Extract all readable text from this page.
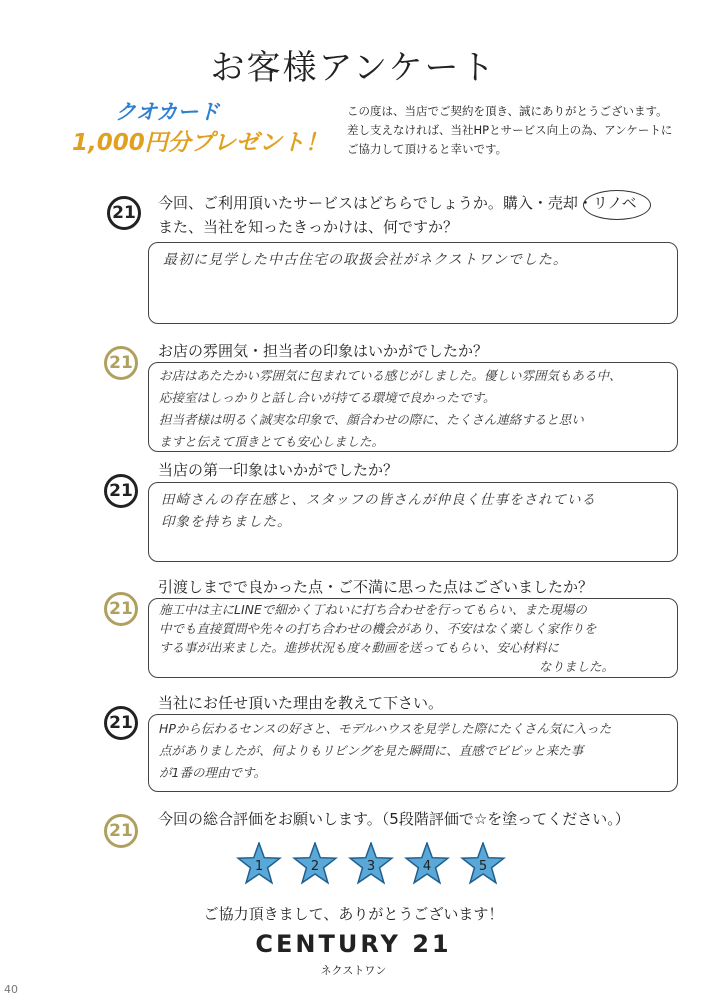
お客様アンケート
クオカード
1,000円分プレゼント！
この度は、当店でご契約を頂き、誠にありがとうございます。
差し支えなければ、当社HPとサービス向上の為、アンケートに
ご協力して頂けると幸いです。
21	今回、ご利用頂いたサービスはどちらでしょうか。購入・売却・リノベ
また、当社を知ったきっかけは、何ですか？
最初に見学した中古住宅の取扱会社がネクストワンでした。
21
お店の雰囲気・担当者の印象はいかがでしたか？
お店はあたたかい雰囲気に包まれている感じがしました。優しい雰囲気もある中、
応接室はしっかりと話し合いが持てる環境で良かったです。
担当者様は明るく誠実な印象で、顔合わせの際に、たくさん連絡すると思い
ますと伝えて頂きとても安心しました。
21
当店の第一印象はいかがでしたか？
田崎さんの存在感と、スタッフの皆さんが仲良く仕事をされている
印象を持ちました。
21
引渡しまでで良かった点・ご不満に思った点はございましたか？
施工中は主にLINEで細かく丁ねいに打ち合わせを行ってもらい、また現場の
中でも直接質問や先々の打ち合わせの機会があり、不安はなく楽しく家作りを
する事が出来ました。進捗状況も度々動画を送ってもらい、安心材料に
なりました。
21
当社にお任せ頂いた理由を教えて下さい。
HPから伝わるセンスの好さと、モデルハウスを見学した際にたくさん気に入った
点がありましたが、何よりもリビングを見た瞬間に、直感でビビッと来た事
が1番の理由です。
21
今回の総合評価をお願いします。（5段階評価で☆を塗ってください。）
1	2	3	4	5
ご協力頂きまして、ありがとうございます！
CENTURY 21
ネクストワン
40
